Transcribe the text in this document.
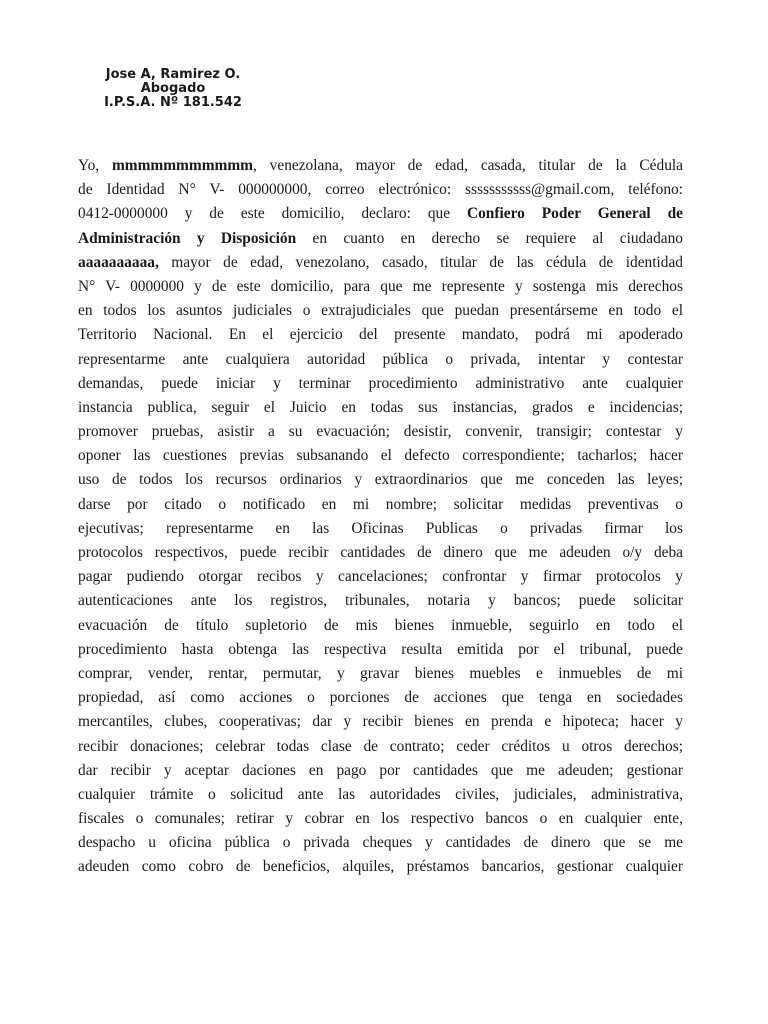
Jose A, Ramirez O.
Abogado
I.P.S.A. Nº 181.542
Yo, mmmmmmmmmmm, venezolana, mayor de edad, casada, titular de la Cédula
de Identidad N° V- 000000000, correo electrónico: sssssssssss@gmail.com, teléfono:
0412-0000000 y de este domicilio, declaro: que Confiero Poder General de
Administración y Disposición en cuanto en derecho se requiere al ciudadano
aaaaaaaaaa, mayor de edad, venezolano, casado, titular de las cédula de identidad
N° V- 0000000 y de este domicilio, para que me represente y sostenga mis derechos
en todos los asuntos judiciales o extrajudiciales que puedan presentárseme en todo el
Territorio Nacional. En el ejercicio del presente mandato, podrá mi apoderado
representarme ante cualquiera autoridad pública o privada, intentar y contestar
demandas, puede iniciar y terminar procedimiento administrativo ante cualquier
instancia publica, seguir el Juicio en todas sus instancias, grados e incidencias;
promover pruebas, asistir a su evacuación; desistir, convenir, transigir; contestar y
oponer las cuestiones previas subsanando el defecto correspondiente; tacharlos; hacer
uso de todos los recursos ordinarios y extraordinarios que me conceden las leyes;
darse por citado o notificado en mi nombre; solicitar medidas preventivas o
ejecutivas; representarme en las Oficinas Publicas o privadas firmar los
protocolos respectivos, puede recibir cantidades de dinero que me adeuden o/y deba
pagar pudiendo otorgar recibos y cancelaciones; confrontar y firmar protocolos y
autenticaciones ante los registros, tribunales, notaria y bancos; puede solicitar
evacuación de título supletorio de mis bienes inmueble, seguirlo en todo el
procedimiento hasta obtenga las respectiva resulta emitida por el tribunal, puede
comprar, vender, rentar, permutar, y gravar bienes muebles e inmuebles de mi
propiedad, así como acciones o porciones de acciones que tenga en sociedades
mercantiles, clubes, cooperativas; dar y recibir bienes en prenda e hipoteca; hacer y
recibir donaciones; celebrar todas clase de contrato; ceder créditos u otros derechos;
dar recibir y aceptar daciones en pago por cantidades que me adeuden; gestionar
cualquier trámite o solicitud ante las autoridades civiles, judiciales, administrativa,
fiscales o comunales; retirar y cobrar en los respectivo bancos o en cualquier ente,
despacho u oficina pública o privada cheques y cantidades de dinero que se me
adeuden como cobro de beneficios, alquiles, préstamos bancarios, gestionar cualquier
